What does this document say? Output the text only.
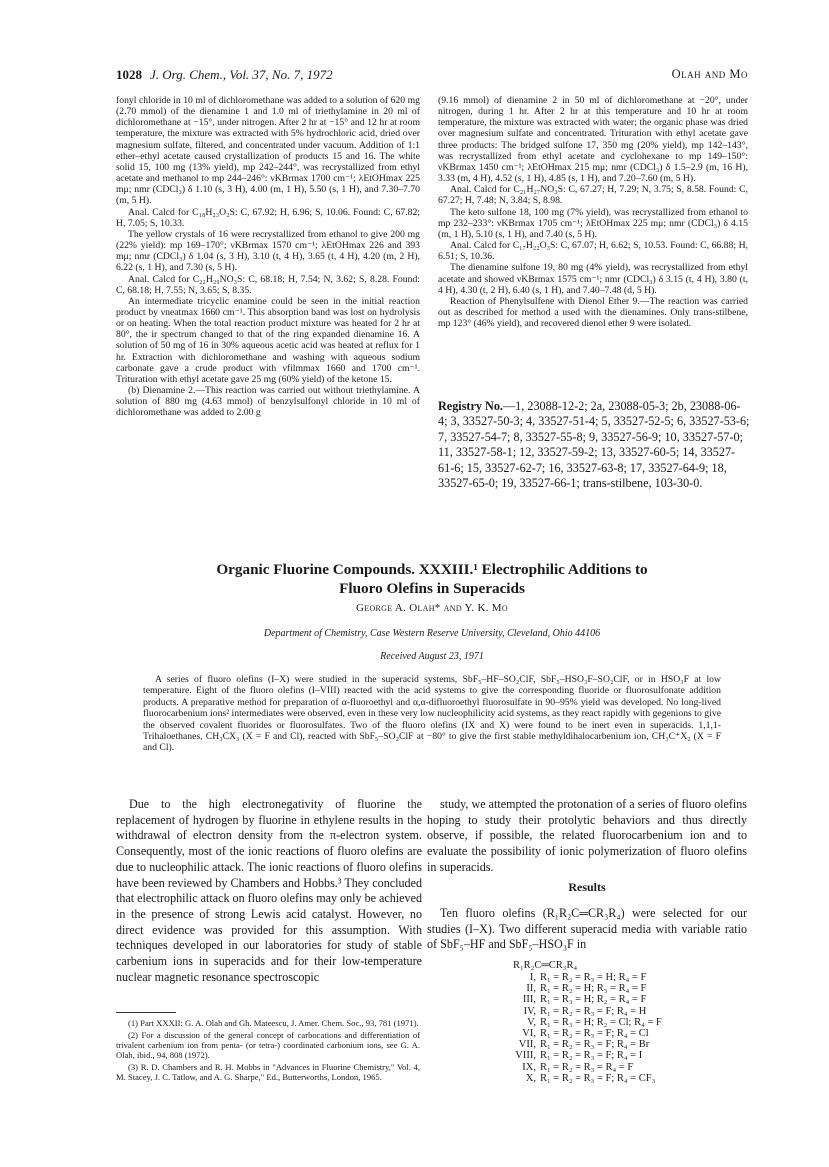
1028 J. Org. Chem., Vol. 37, No. 7, 1972	Olah and Mo

fonyl chloride in 10 ml of dichloromethane was added to a solution of 620 mg (2.70 mmol) of the dienamine 1 and 1.0 ml of triethylamine in 20 ml of dichloromethane at −15°, under nitrogen. After 2 hr at −15° and 12 hr at room temperature, the mixture was extracted with 5% hydrochloric acid, dried over magnesium sulfate, filtered, and concentrated under vacuum. Addition of 1:1 ether–ethyl acetate caused crystallization of products 15 and 16. The white solid 15, 100 mg (13% yield), mp 242–244°, was recrystallized from ethyl acetate and methanol to mp 244–246°: νKBrmax 1700 cm⁻¹; λEtOHmax 225 mμ; nmr (CDCl₃) δ 1.10 (s, 3 H), 4.00 (m, 1 H), 5.50 (s, 1 H), and 7.30–7.70 (m, 5 H).

Anal. Calcd for C₁₈H₂₃O₂S: C, 67.92; H, 6.96; S, 10.06. Found: C, 67.82; H, 7.05; S, 10.33.

The yellow crystals of 16 were recrystallized from ethanol to give 200 mg (22% yield): mp 169–170°; νKBrmax 1570 cm⁻¹; λEtOHmax 226 and 393 mμ; nmr (CDCl₃) δ 1.04 (s, 3 H), 3.10 (t, 4 H), 3.65 (t, 4 H), 4.20 (m, 2 H), 6.22 (s, 1 H), and 7.30 (s, 5 H).

Anal. Calcd for C₂₂H₂₉NO₃S: C, 68.18; H, 7.54; N, 3.62; S, 8.28. Found: C, 68.18; H, 7.55; N, 3.65; S, 8.35.

An intermediate tricyclic enamine could be seen in the initial reaction product by νneatmax 1660 cm⁻¹. This absorption band was lost on hydrolysis or on heating. When the total reaction product mixture was heated for 2 hr at 80°, the ir spectrum changed to that of the ring expanded dienamine 16. A solution of 50 mg of 16 in 30% aqueous acetic acid was heated at reflux for 1 hr. Extraction with dichloromethane and washing with aqueous sodium carbonate gave a crude product with νfilmmax 1660 and 1700 cm⁻¹. Trituration with ethyl acetate gave 25 mg (60% yield) of the ketone 15.

(b) Dienamine 2.—This reaction was carried out without triethylamine. A solution of 880 mg (4.63 mmol) of benzylsulfonyl chloride in 10 ml of dichloromethane was added to 2.00 g

(9.16 mmol) of dienamine 2 in 50 ml of dichloromethane at −20°, under nitrogen, during 1 hr. After 2 hr at this temperature and 10 hr at room temperature, the mixture was extracted with water; the organic phase was dried over magnesium sulfate and concentrated. Trituration with ethyl acetate gave three products: The bridged sulfone 17, 350 mg (20% yield), mp 142–143°, was recrystallized from ethyl acetate and cyclohexane to mp 149–150°: νKBrmax 1450 cm⁻¹; λEtOHmax 215 mμ; nmr (CDCl₃) δ 1.5–2.9 (m, 16 H), 3.33 (m, 4 H), 4.52 (s, 1 H), 4.85 (s, 1 H), and 7.20–7.60 (m, 5 H).

Anal. Calcd for C₂₁H₂₇NO₃S: C, 67.27; H, 7.29; N, 3.75; S, 8.58. Found: C, 67.27; H, 7.48; N, 3.84; S, 8.98.

The keto sulfone 18, 100 mg (7% yield), was recrystallized from ethanol to mp 232–233°: νKBrmax 1705 cm⁻¹; λEtOHmax 225 mμ; nmr (CDCl₃) δ 4.15 (m, 1 H), 5.10 (s, 1 H), and 7.40 (s, 5 H).

Anal. Calcd for C₁₇H₂₂O₃S: C, 67.07; H, 6.62; S, 10.53. Found: C, 66.88; H, 6.51; S, 10.36.

The dienamine sulfone 19, 80 mg (4% yield), was recrystallized from ethyl acetate and showed νKBrmax 1575 cm⁻¹; nmr (CDCl₃) δ 3.15 (t, 4 H), 3.80 (t, 4 H), 4.30 (t, 2 H), 6.40 (s, 1 H), and 7.40–7.48 (d, 5 H).

Reaction of Phenylsulfene with Dienol Ether 9.—The reaction was carried out as described for method a used with the dienamines. Only trans-stilbene, mp 123° (46% yield), and recovered dienol ether 9 were isolated.

Registry No.—1, 23088-12-2; 2a, 23088-05-3; 2b, 23088-06-4; 3, 33527-50-3; 4, 33527-51-4; 5, 33527-52-5; 6, 33527-53-6; 7, 33527-54-7; 8, 33527-55-8; 9, 33527-56-9; 10, 33527-57-0; 11, 33527-58-1; 12, 33527-59-2; 13, 33527-60-5; 14, 33527-61-6; 15, 33527-62-7; 16, 33527-63-8; 17, 33527-64-9; 18, 33527-65-0; 19, 33527-66-1; trans-stilbene, 103-30-0.
Organic Fluorine Compounds. XXXIII.¹ Electrophilic Additions to
Fluoro Olefins in Superacids
George A. Olah* and Y. K. Mo
Department of Chemistry, Case Western Reserve University, Cleveland, Ohio 44106
Received August 23, 1971
A series of fluoro olefins (I–X) were studied in the superacid systems, SbF₅–HF–SO₂ClF, SbF₅–HSO₃F–SO₂ClF, or in HSO₃F at low temperature. Eight of the fluoro olefins (I–VIII) reacted with the acid systems to give the corresponding fluoride or fluorosulfonate addition products. A preparative method for preparation of α-fluoroethyl and α,α-difluoroethyl fluorosulfate in 90–95% yield was developed. No long-lived fluorocarbenium ions² intermediates were observed, even in these very low nucleophilicity acid systems, as they react rapidly with gegenions to give the observed covalent fluorides or fluorosulfates. Two of the fluoro olefins (IX and X) were found to be inert even in superacids. 1,1,1-Trihaloethanes, CH₃CX₃ (X = F and Cl), reacted with SbF₅–SO₂ClF at −80° to give the first stable methyldihalocarbenium ion, CH₃C⁺X₂ (X = F and Cl).
Due to the high electronegativity of fluorine the replacement of hydrogen by fluorine in ethylene results in the withdrawal of electron density from the π-electron system. Consequently, most of the ionic reactions of fluoro olefins are due to nucleophilic attack. The ionic reactions of fluoro olefins have been reviewed by Chambers and Hobbs.³ They concluded that electrophilic attack on fluoro olefins may only be achieved in the presence of strong Lewis acid catalyst. However, no direct evidence was provided for this assumption. With techniques developed in our laboratories for study of stable carbenium ions in superacids and for their low-temperature nuclear magnetic resonance spectroscopic
study, we attempted the protonation of a series of fluoro olefins hoping to study their protolytic behaviors and thus directly observe, if possible, the related fluorocarbenium ion and to evaluate the possibility of ionic polymerization of fluoro olefins in superacids.
Results
Ten fluoro olefins (R₁R₂C═CR₃R₄) were selected for our studies (I–X). Two different superacid media with variable ratio of SbF₅–HF and SbF₅–HSO₃F in
R₁R₂C═CR₃R₄
I, R₁ = R₂ = R₃ = H; R₄ = F
II, R₁ = R₂ = H; R₃ = R₄ = F
III, R₁ = R₃ = H; R₂ = R₄ = F
IV, R₁ = R₂ = R₃ = F; R₄ = H
V, R₁ = R₃ = H; R₂ = Cl; R₄ = F
VI, R₁ = R₂ = R₃ = F; R₄ = Cl
VII, R₁ = R₂ = R₃ = F; R₄ = Br
VIII, R₁ = R₂ = R₃ = F; R₄ = I
IX, R₁ = R₂ = R₃ = R₄ = F
X, R₁ = R₂ = R₃ = F; R₄ = CF₃

(1) Part XXXII: G. A. Olah and Gh. Mateescu, J. Amer. Chem. Soc., 93, 781 (1971).

(2) For a discussion of the general concept of carbocations and differentiation of trivalent carbenium ion from penta- (or tetra-) coordinated carbonium ions, see G. A. Olah, ibid., 94, 808 (1972).

(3) R. D. Chambers and R. H. Mobbs in "Advances in Fluorine Chemistry," Vol. 4, M. Stacey, J. C. Tatlow, and A. G. Sharpe," Ed., Butterworths, London, 1965.
